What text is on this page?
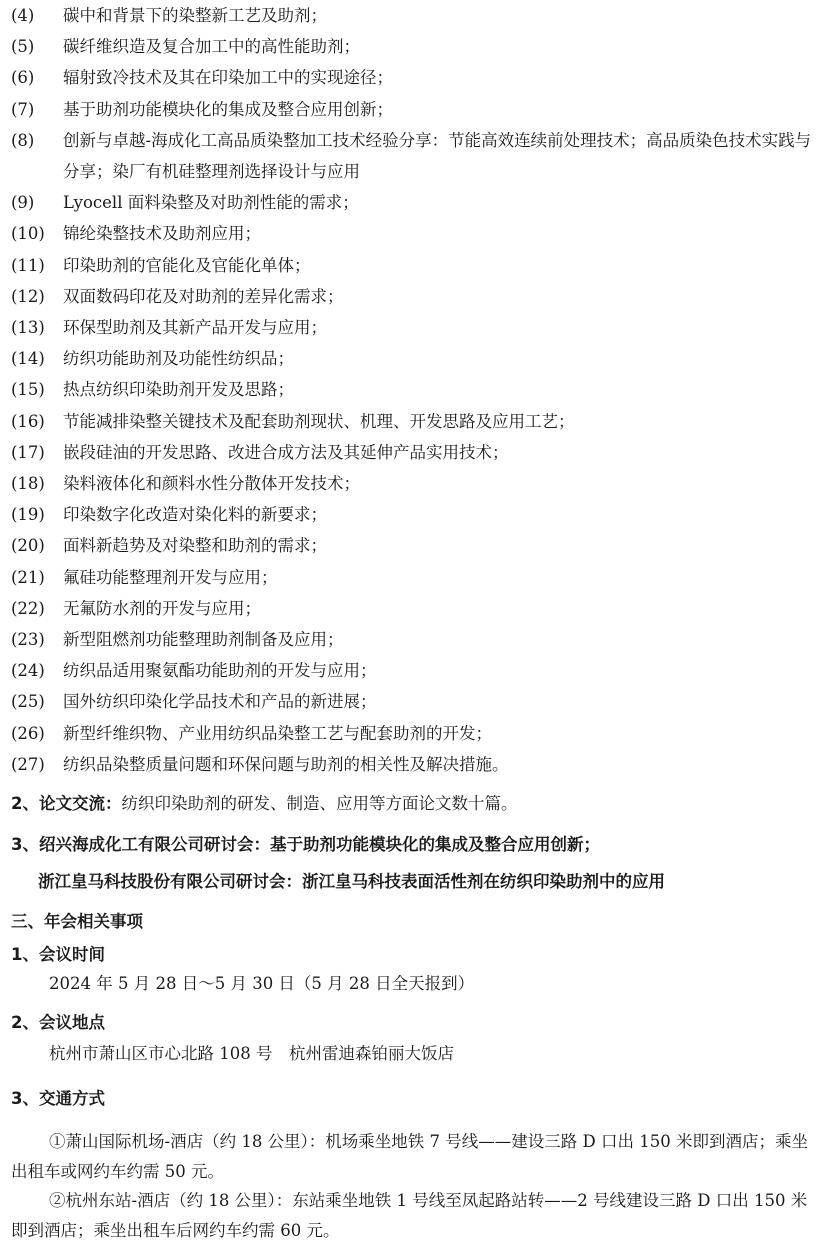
(4) 碳中和背景下的染整新工艺及助剂；
(5) 碳纤维织造及复合加工中的高性能助剂；
(6) 辐射致冷技术及其在印染加工中的实现途径；
(7) 基于助剂功能模块化的集成及整合应用创新；
(8) 创新与卓越-海成化工高品质染整加工技术经验分享：节能高效连续前处理技术；高品质染色技术实践与分享；染厂有机硅整理剂选择设计与应用
(9) Lyocell 面料染整及对助剂性能的需求；
(10) 锦纶染整技术及助剂应用；
(11) 印染助剂的官能化及官能化单体；
(12) 双面数码印花及对助剂的差异化需求；
(13) 环保型助剂及其新产品开发与应用；
(14) 纺织功能助剂及功能性纺织品；
(15) 热点纺织印染助剂开发及思路；
(16) 节能减排染整关键技术及配套助剂现状、机理、开发思路及应用工艺；
(17) 嵌段硅油的开发思路、改进合成方法及其延伸产品实用技术；
(18) 染料液体化和颜料水性分散体开发技术；
(19) 印染数字化改造对染化料的新要求；
(20) 面料新趋势及对染整和助剂的需求；
(21) 氟硅功能整理剂开发与应用；
(22) 无氟防水剂的开发与应用；
(23) 新型阻燃剂功能整理助剂制备及应用；
(24) 纺织品适用聚氨酯功能助剂的开发与应用；
(25) 国外纺织印染化学品技术和产品的新进展；
(26) 新型纤维织物、产业用纺织品染整工艺与配套助剂的开发；
(27) 纺织品染整质量问题和环保问题与助剂的相关性及解决措施。
2、论文交流：纺织印染助剂的研发、制造、应用等方面论文数十篇。
3、绍兴海成化工有限公司研讨会：基于助剂功能模块化的集成及整合应用创新；
浙江皇马科技股份有限公司研讨会：浙江皇马科技表面活性剂在纺织印染助剂中的应用
三、年会相关事项
1、会议时间
2024 年 5 月 28 日～5 月 30 日（5 月 28 日全天报到）
2、会议地点
杭州市萧山区市心北路 108 号　杭州雷迪森铂丽大饭店
3、交通方式
①萧山国际机场-酒店（约 18 公里）：机场乘坐地铁 7 号线——建设三路 D 口出 150 米即到酒店；乘坐出租车或网约车约需 50 元。
②杭州东站-酒店（约 18 公里）：东站乘坐地铁 1 号线至凤起路站转——2 号线建设三路 D 口出 150 米即到酒店；乘坐出租车后网约车约需 60 元。
